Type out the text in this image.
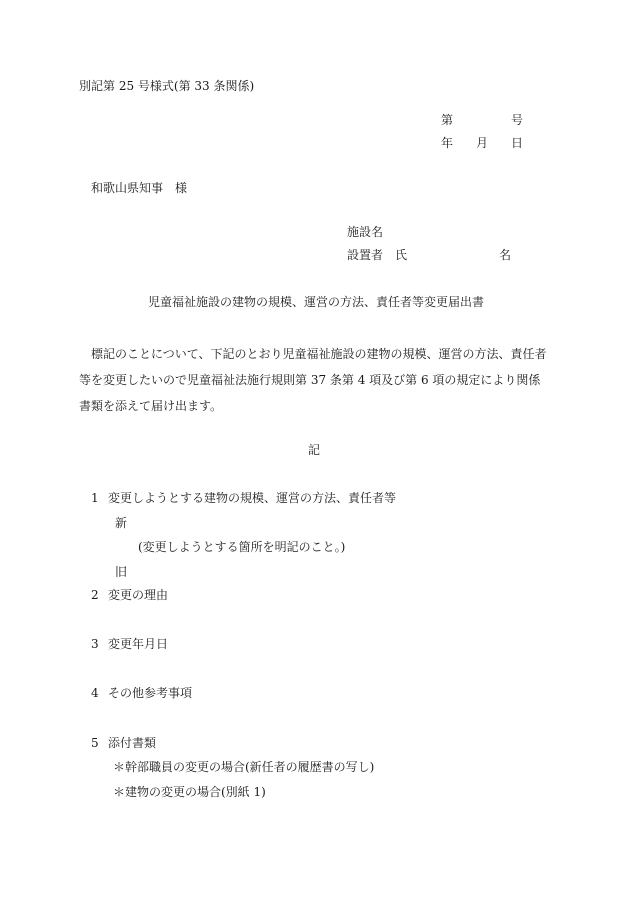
別記第 25 号様式(第 33 条関係)
第	号
年 月 日
和歌山県知事　様
施設名
設置者　氏	名
児童福祉施設の建物の規模、運営の方法、責任者等変更届出書
標記のことについて、下記のとおり児童福祉施設の建物の規模、運営の方法、責任者等を変更したいので児童福祉法施行規則第 37 条第 4 項及び第 6 項の規定により関係書類を添えて届け出ます。
記
1 変更しようとする建物の規模、運営の方法、責任者等
新
(変更しようとする箇所を明記のこと。)
旧
2 変更の理由
3 変更年月日
4 その他参考事項
5 添付書類
＊幹部職員の変更の場合(新任者の履歴書の写し)
＊建物の変更の場合(別紙 1)
